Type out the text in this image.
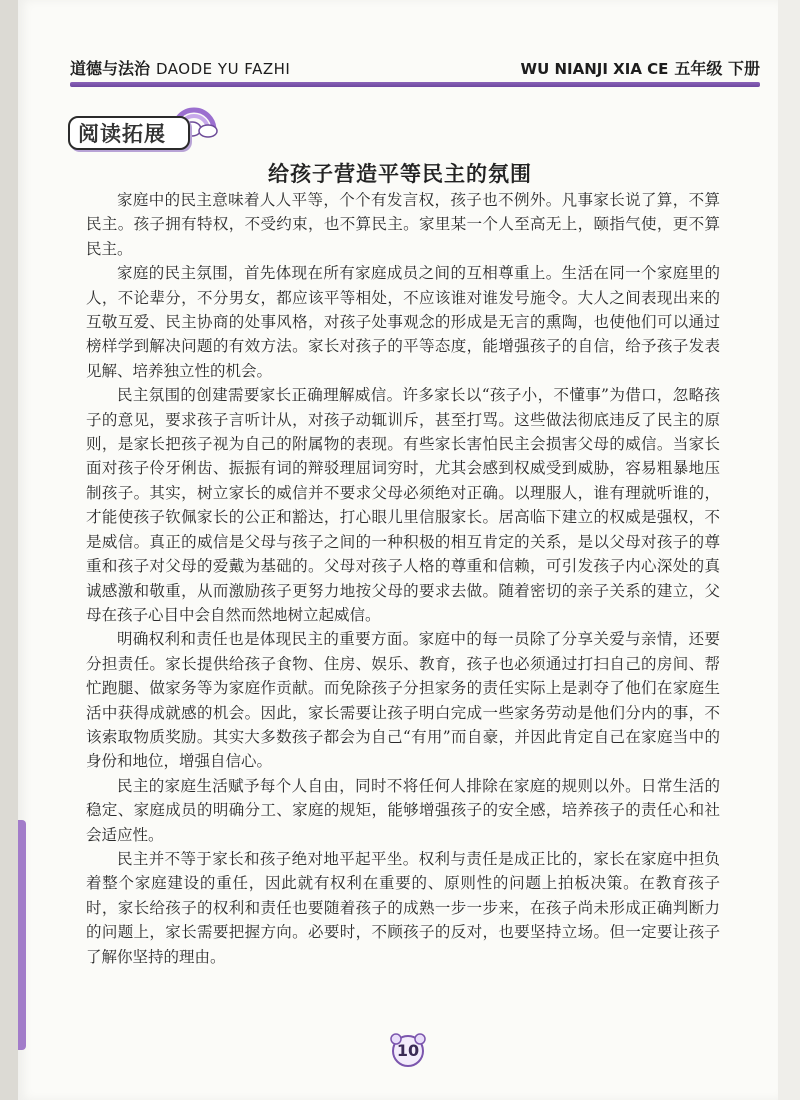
道德与法治 DAODE YU FAZHI	WU NIANJI XIA CE 五年级 下册
阅读拓展
给孩子营造平等民主的氛围

家庭中的民主意味着人人平等，个个有发言权，孩子也不例外。凡事家长说了算，不算民主。孩子拥有特权，不受约束，也不算民主。家里某一个人至高无上，颐指气使，更不算民主。

家庭的民主氛围，首先体现在所有家庭成员之间的互相尊重上。生活在同一个家庭里的人，不论辈分，不分男女，都应该平等相处，不应该谁对谁发号施令。大人之间表现出来的互敬互爱、民主协商的处事风格，对孩子处事观念的形成是无言的熏陶，也使他们可以通过榜样学到解决问题的有效方法。家长对孩子的平等态度，能增强孩子的自信，给予孩子发表见解、培养独立性的机会。

民主氛围的创建需要家长正确理解威信。许多家长以“孩子小，不懂事”为借口，忽略孩子的意见，要求孩子言听计从，对孩子动辄训斥，甚至打骂。这些做法彻底违反了民主的原则，是家长把孩子视为自己的附属物的表现。有些家长害怕民主会损害父母的威信。当家长面对孩子伶牙俐齿、振振有词的辩驳理屈词穷时，尤其会感到权威受到威胁，容易粗暴地压制孩子。其实，树立家长的威信并不要求父母必须绝对正确。以理服人，谁有理就听谁的，才能使孩子钦佩家长的公正和豁达，打心眼儿里信服家长。居高临下建立的权威是强权，不是威信。真正的威信是父母与孩子之间的一种积极的相互肯定的关系，是以父母对孩子的尊重和孩子对父母的爱戴为基础的。父母对孩子人格的尊重和信赖，可引发孩子内心深处的真诚感激和敬重，从而激励孩子更努力地按父母的要求去做。随着密切的亲子关系的建立，父母在孩子心目中会自然而然地树立起威信。

明确权利和责任也是体现民主的重要方面。家庭中的每一员除了分享关爱与亲情，还要分担责任。家长提供给孩子食物、住房、娱乐、教育，孩子也必须通过打扫自己的房间、帮忙跑腿、做家务等为家庭作贡献。而免除孩子分担家务的责任实际上是剥夺了他们在家庭生活中获得成就感的机会。因此，家长需要让孩子明白完成一些家务劳动是他们分内的事，不该索取物质奖励。其实大多数孩子都会为自己“有用”而自豪，并因此肯定自己在家庭当中的身份和地位，增强自信心。

民主的家庭生活赋予每个人自由，同时不将任何人排除在家庭的规则以外。日常生活的稳定、家庭成员的明确分工、家庭的规矩，能够增强孩子的安全感，培养孩子的责任心和社会适应性。

民主并不等于家长和孩子绝对地平起平坐。权利与责任是成正比的，家长在家庭中担负着整个家庭建设的重任，因此就有权利在重要的、原则性的问题上拍板决策。在教育孩子时，家长给孩子的权利和责任也要随着孩子的成熟一步一步来，在孩子尚未形成正确判断力的问题上，家长需要把握方向。必要时，不顾孩子的反对，也要坚持立场。但一定要让孩子了解你坚持的理由。

10
